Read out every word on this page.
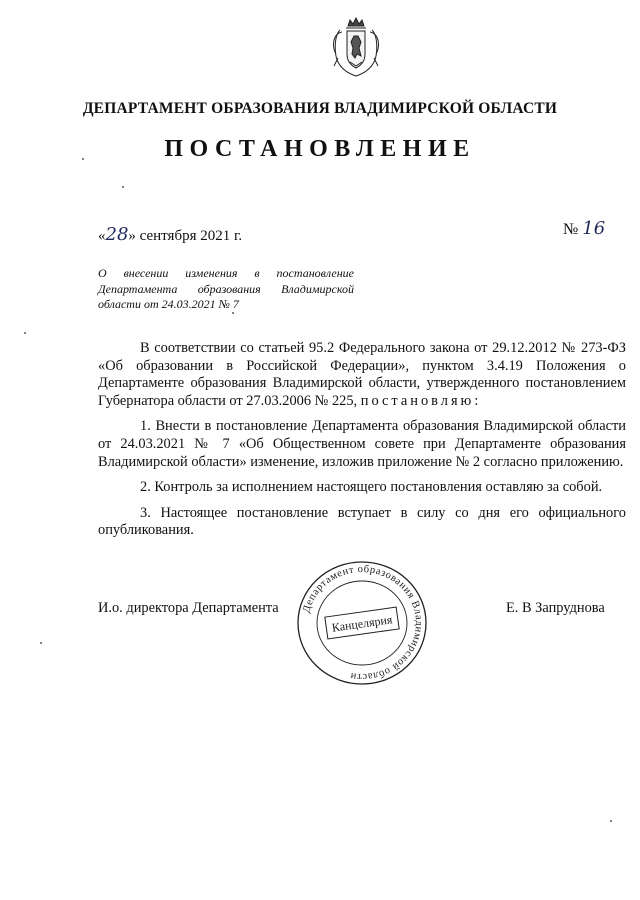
ДЕПАРТАМЕНТ ОБРАЗОВАНИЯ ВЛАДИМИРСКОЙ ОБЛАСТИ
ПОСТАНОВЛЕНИЕ
«28» сентября 2021 г.	№ 16
О внесении изменения в постановление Департамента образования Владимирской области от 24.03.2021 № 7

В соответствии со статьей 95.2 Федерального закона от 29.12.2012 № 273-ФЗ «Об образовании в Российской Федерации», пунктом 3.4.19 Положения о Департаменте образования Владимирской области, утвержденного постановлением Губернатора области от 27.03.2006 № 225, постановляю:

1. Внести в постановление Департамента образования Владимирской области от 24.03.2021 № 7 «Об Общественном совете при Департаменте образования Владимирской области» изменение, изложив приложение № 2 согласно приложению.

2. Контроль за исполнением настоящего постановления оставляю за собой.

3. Настоящее постановление вступает в силу со дня его официального опубликования.

И.о. директора Департамента	Е. В Запруднова
Департамент образования Владимирской области
Канцелярия
